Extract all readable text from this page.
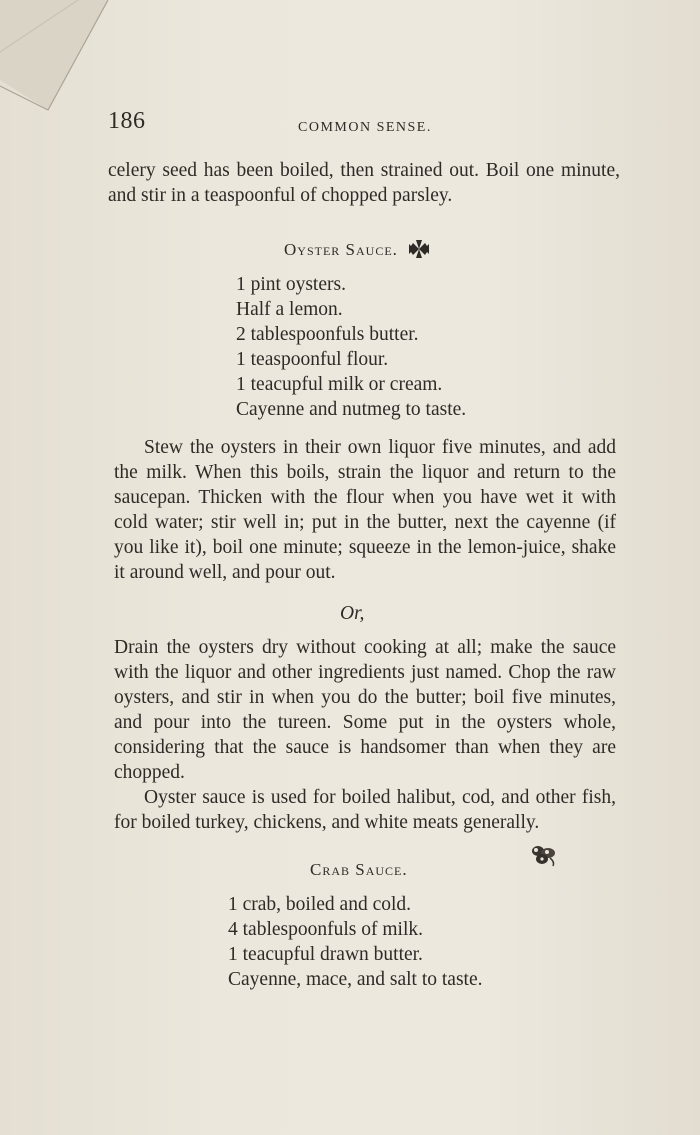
186	COMMON SENSE.

celery seed has been boiled, then strained out. Boil one minute, and stir in a teaspoonful of chopped parsley.

Oyster Sauce.
1 pint oysters.
Half a lemon.
2 tablespoonfuls butter.
1 teaspoonful flour.
1 teacupful milk or cream.
Cayenne and nutmeg to taste.

Stew the oysters in their own liquor five minutes, and add the milk. When this boils, strain the liquor and return to the saucepan. Thicken with the flour when you have wet it with cold water; stir well in; put in the butter, next the cayenne (if you like it), boil one minute; squeeze in the lemon-juice, shake it around well, and pour out.

Or,

Drain the oysters dry without cooking at all; make the sauce with the liquor and other ingredients just named. Chop the raw oysters, and stir in when you do the butter; boil five minutes, and pour into the tureen. Some put in the oysters whole, considering that the sauce is handsomer than when they are chopped.

Oyster sauce is used for boiled halibut, cod, and other fish, for boiled turkey, chickens, and white meats generally.

Crab Sauce.
1 crab, boiled and cold.
4 tablespoonfuls of milk.
1 teacupful drawn butter.
Cayenne, mace, and salt to taste.
